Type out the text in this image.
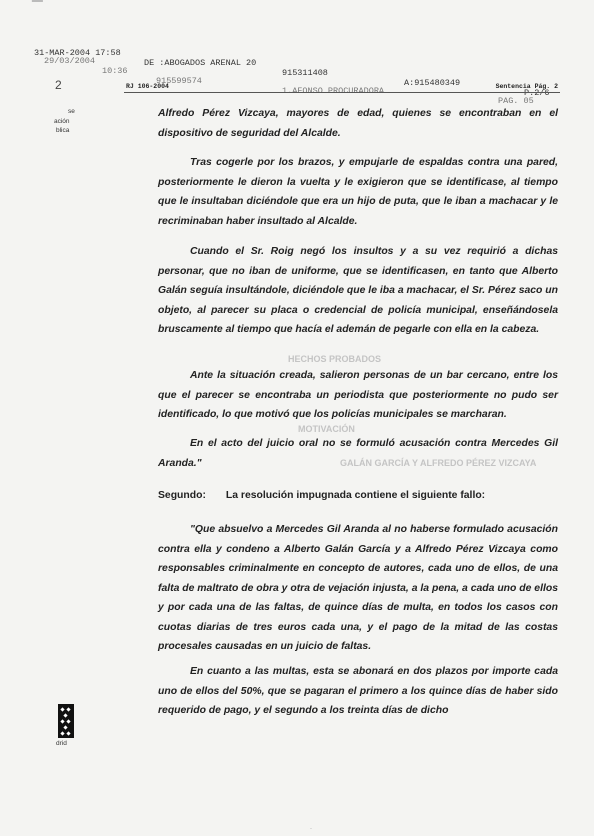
▔

31-MAR-2004 17:58

DE :ABOGADOS ARENAL 20

915311408

A:915480349

P.2/6

29/03/2004

10:36

915599574

1.AFONSO PROCURADORA

PAG. 05

2
se
ación
blica
RJ 106-2004	Sentencia Pág. 2
HECHOS PROBADOS
MOTIVACIÓN
GALÁN GARCÍA Y ALFREDO PÉREZ VIZCAYA

Alfredo Pérez Vizcaya, mayores de edad, quienes se encontraban en el dispositivo de seguridad del Alcalde.

Tras cogerle por los brazos, y empujarle de espaldas contra una pared, posteriormente le dieron la vuelta y le exigieron que se identificase, al tiempo que le insultaban diciéndole que era un hijo de puta, que le iban a machacar y le recriminaban haber insultado al Alcalde.

Cuando el Sr. Roig negó los insultos y a su vez requirió a dichas personar, que no iban de uniforme, que se identificasen, en tanto que Alberto Galán seguía insultándole, diciéndole que le iba a machacar, el Sr. Pérez saco un objeto, al parecer su placa o credencial de policía municipal, enseñándosela bruscamente al tiempo que hacía el ademán de pegarle con ella en la cabeza.

Ante la situación creada, salieron personas de un bar cercano, entre los que el parecer se encontraba un periodista que posteriormente no pudo ser identificado, lo que motivó que los policías municipales se marcharan.

En el acto del juicio oral no se formuló acusación contra Mercedes Gil Aranda."

Segundo: La resolución impugnada contiene el siguiente fallo:

"Que absuelvo a Mercedes Gil Aranda al no haberse formulado acusación contra ella y condeno a Alberto Galán García y a Alfredo Pérez Vizcaya como responsables criminalmente en concepto de autores, cada uno de ellos, de una falta de maltrato de obra y otra de vejación injusta, a la pena, a cada uno de ellos y por cada una de las faltas, de quince días de multa, en todos los casos con cuotas diarias de tres euros cada una, y el pago de la mitad de las costas procesales causadas en un juicio de faltas.

En cuanto a las multas, esta se abonará en dos plazos por importe cada uno de ellos del 50%, que se pagaran el primero a los quince días de haber sido requerido de pago, y el segundo a los treinta días de dicho

drid
·
